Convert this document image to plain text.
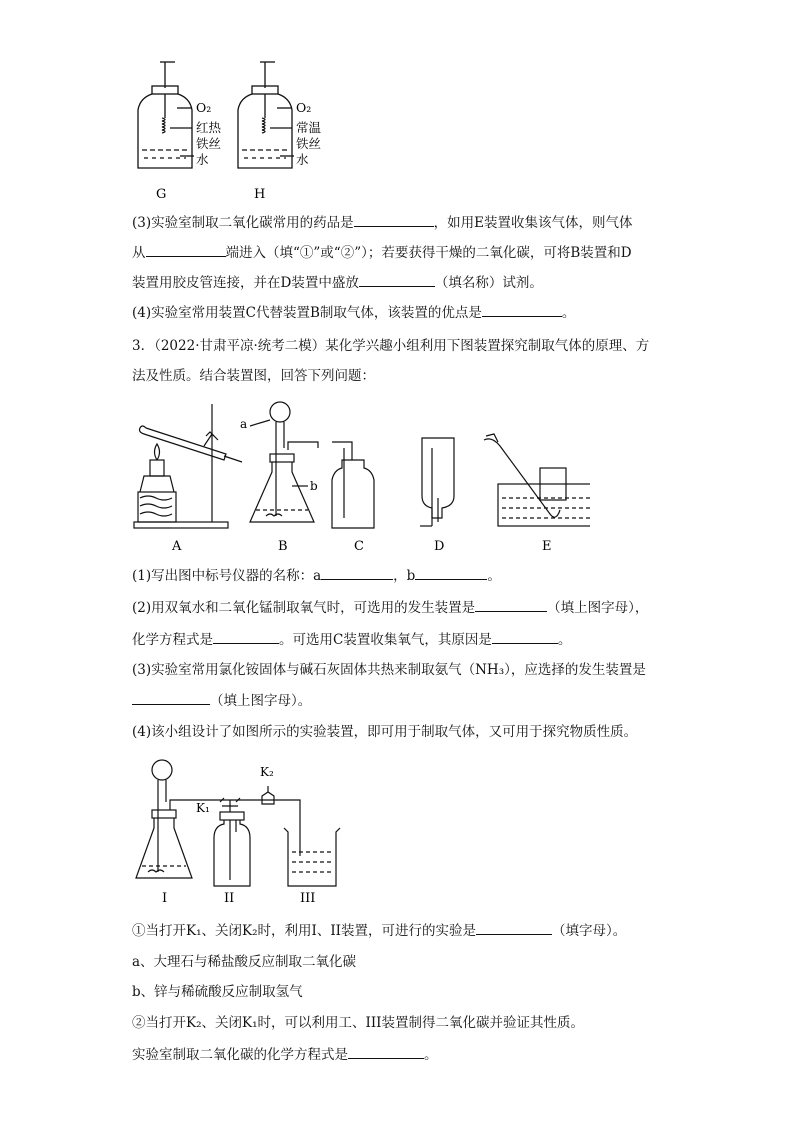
O₂
红热
铁丝
水
G
O₂
常温
铁丝
水
H
(3)实验室制取二氧化碳常用的药品是	，如用E装置收集该气体，则气体
从	端进入（填“①”或“②”）；若要获得干燥的二氧化碳，可将B装置和D
装置用胶皮管连接，并在D装置中盛放	（填名称）试剂。
(4)实验室常用装置C代替装置B制取气体，该装置的优点是	。
3．（2022·甘肃平凉·统考二模）某化学兴趣小组利用下图装置探究制取气体的原理、方
法及性质。结合装置图，回答下列问题：
a
b
A	B	C	D	E
(1)写出图中标号仪器的名称：a	，b	。
(2)用双氧水和二氧化锰制取氧气时，可选用的发生装置是	（填上图字母），
化学方程式是	。可选用C装置收集氧气，其原因是	。
(3)实验室常用氯化铵固体与碱石灰固体共热来制取氨气（NH₃），应选择的发生装置是
（填上图字母）。
(4)该小组设计了如图所示的实验装置，即可用于制取气体，又可用于探究物质性质。
K₁
K₂
I	II	III
①当打开K₁、关闭K₂时，利用I、II装置，可进行的实验是	（填字母）。
a、大理石与稀盐酸反应制取二氧化碳
b、锌与稀硫酸反应制取氢气
②当打开K₂、关闭K₁时，可以利用工、III装置制得二氧化碳并验证其性质。
实验室制取二氧化碳的化学方程式是	。
